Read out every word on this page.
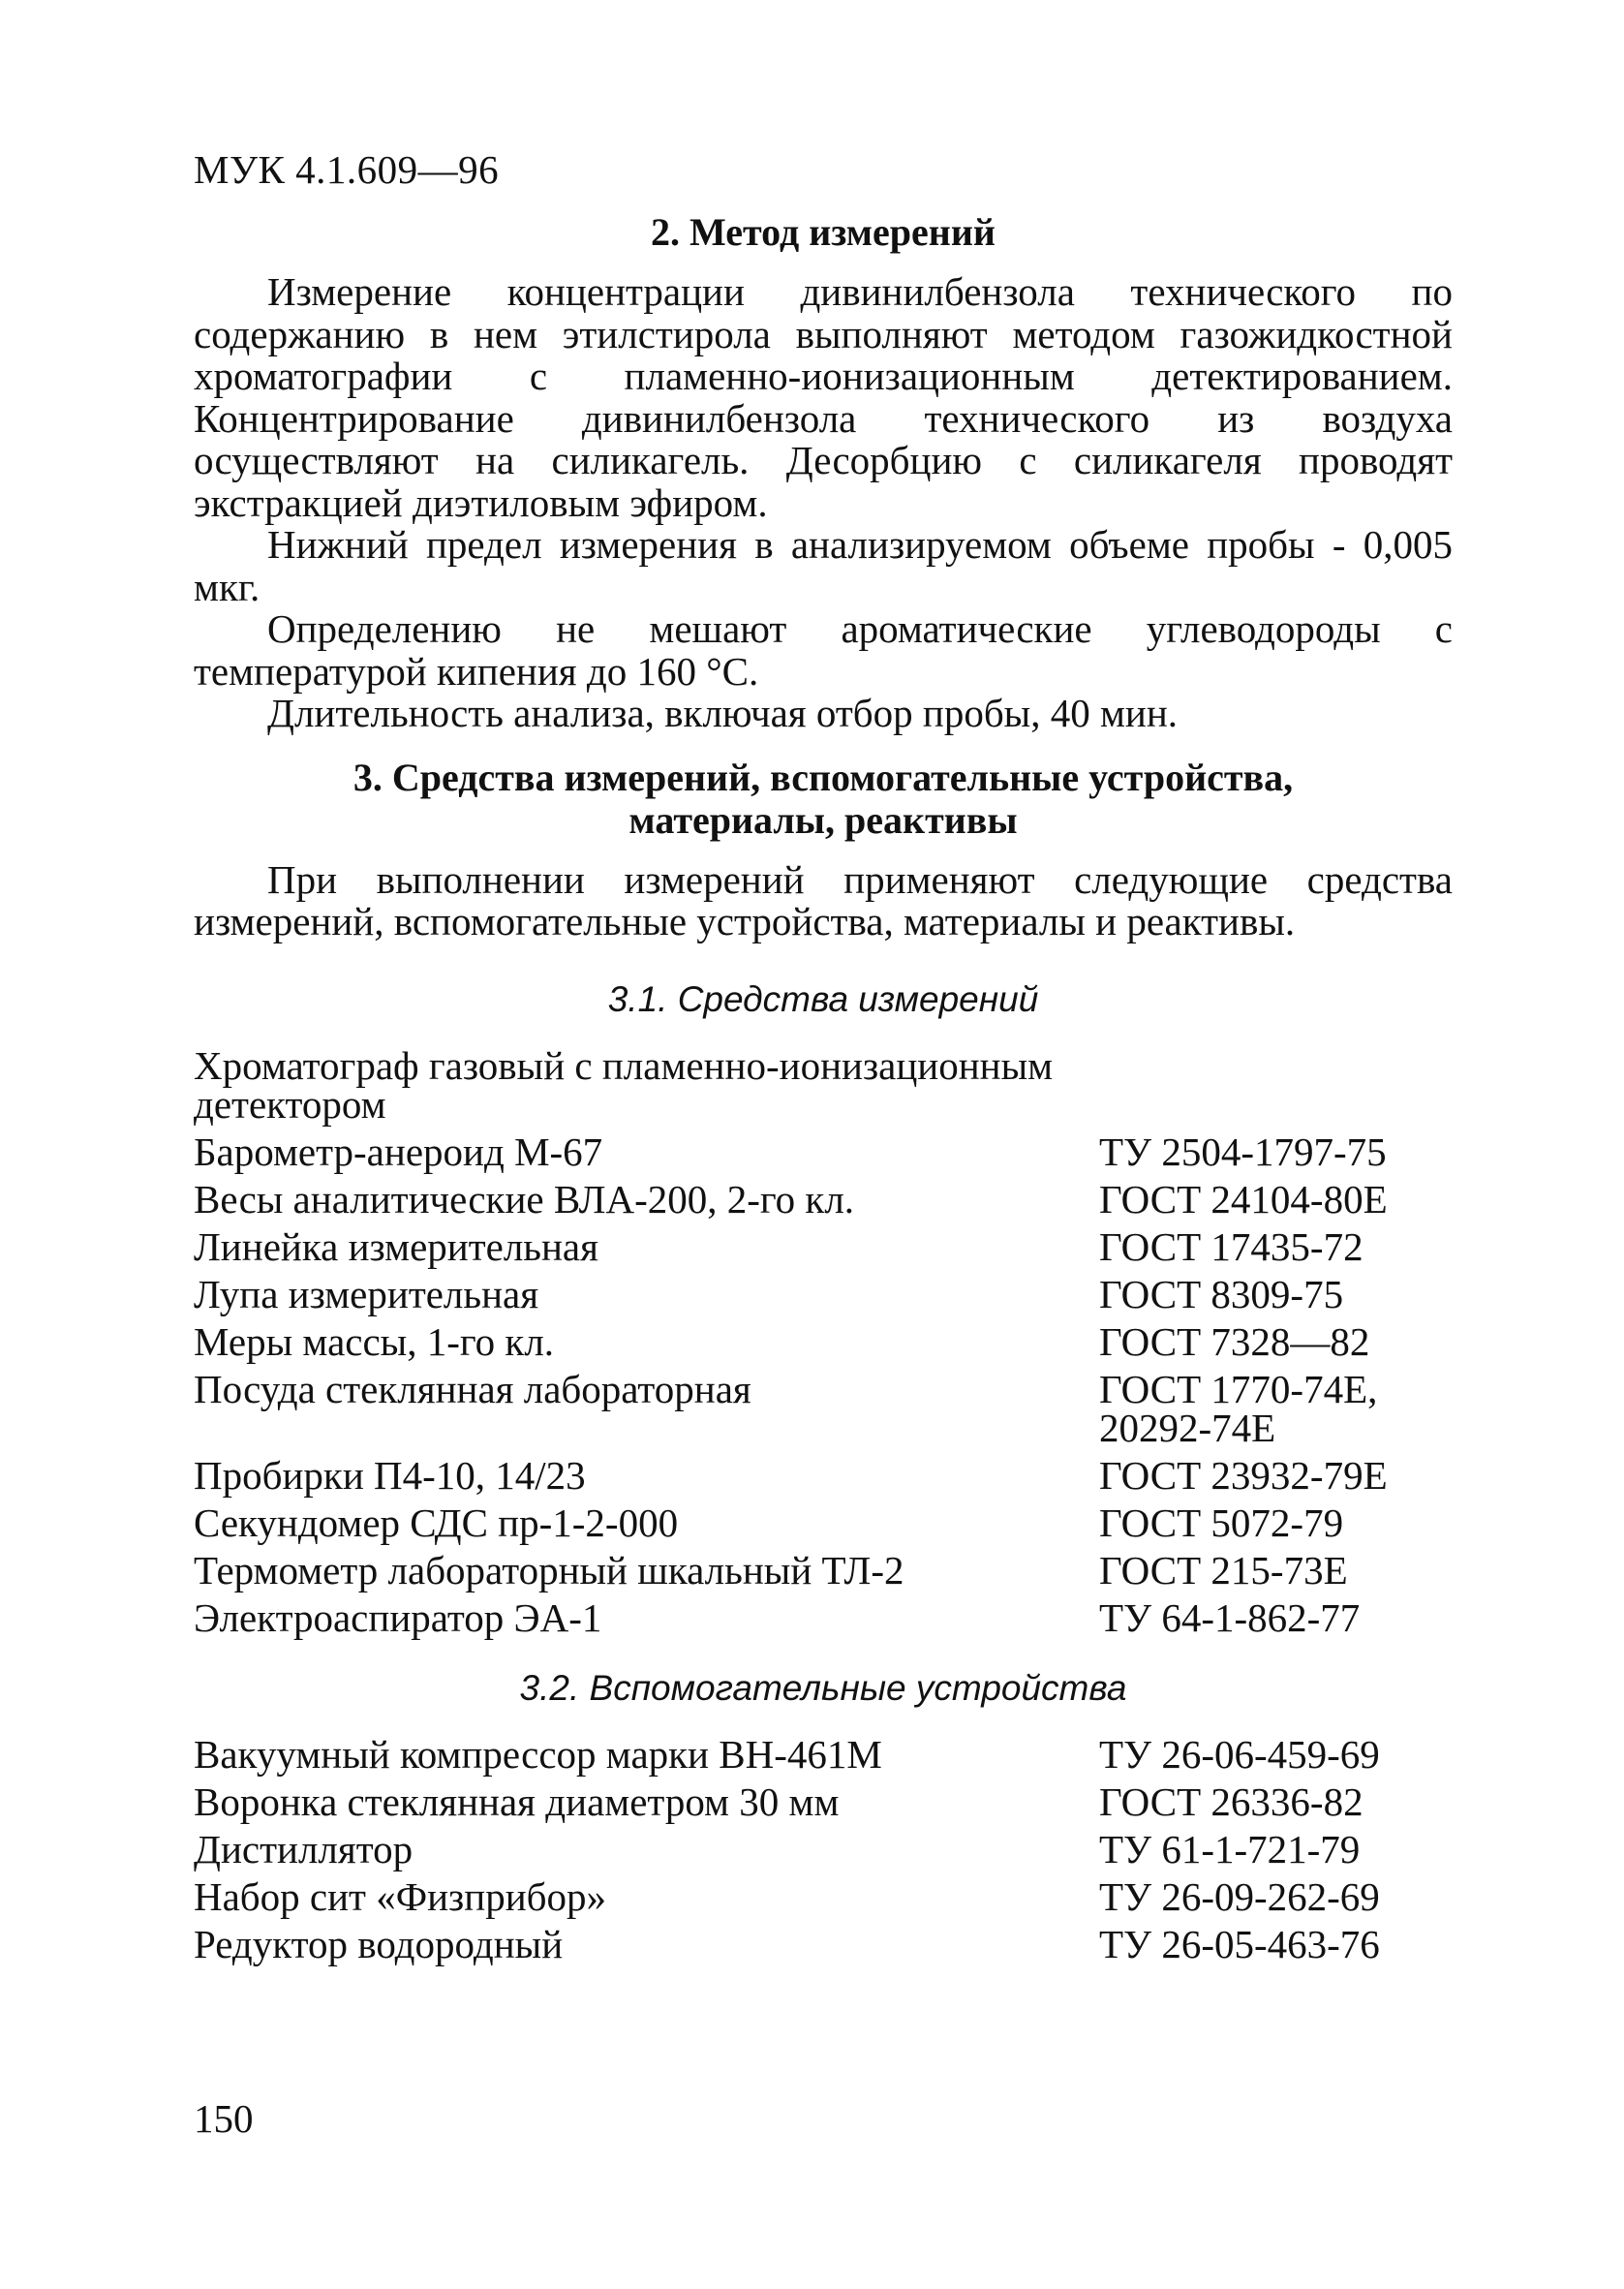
МУК 4.1.609—96
2. Метод измерений

Измерение концентрации дивинилбензола технического по содержанию в нем этилстирола выполняют методом газожидкостной хроматографии с пламенно-ионизационным детектированием. Концентрирование дивинилбензола технического из воздуха осуществляют на силикагель. Десорбцию с силикагеля проводят экстракцией диэтиловым эфиром.

Нижний предел измерения в анализируемом объеме пробы - 0,005 мкг.

Определению не мешают ароматические углеводороды с температурой кипения до 160 °С.

Длительность анализа, включая отбор пробы, 40 мин.

3. Средства измерений, вспомогательные устройства,
материалы, реактивы

При выполнении измерений применяют следующие средства измерений, вспомогательные устройства, материалы и реактивы.

3.1. Средства измерений
Хроматограф газовый с пламенно-ионизационным детектором	
Барометр-анероид М-67	ТУ 2504-1797-75
Весы аналитические ВЛА-200, 2-го кл.	ГОСТ 24104-80Е
Линейка измерительная	ГОСТ 17435-72
Лупа измерительная	ГОСТ 8309-75
Меры массы, 1-го кл.	ГОСТ 7328—82
Посуда стеклянная лабораторная	ГОСТ 1770-74Е, 20292-74Е
Пробирки П4-10, 14/23	ГОСТ 23932-79Е
Секундомер СДС пр-1-2-000	ГОСТ 5072-79
Термометр лабораторный шкальный ТЛ-2	ГОСТ 215-73Е
Электроаспиратор ЭА-1	ТУ 64-1-862-77
3.2. Вспомогательные устройства
Вакуумный компрессор марки ВН-461М	ТУ 26-06-459-69
Воронка стеклянная диаметром 30 мм	ГОСТ 26336-82
Дистиллятор	ТУ 61-1-721-79
Набор сит «Физприбор»	ТУ 26-09-262-69
Редуктор водородный	ТУ 26-05-463-76
150
